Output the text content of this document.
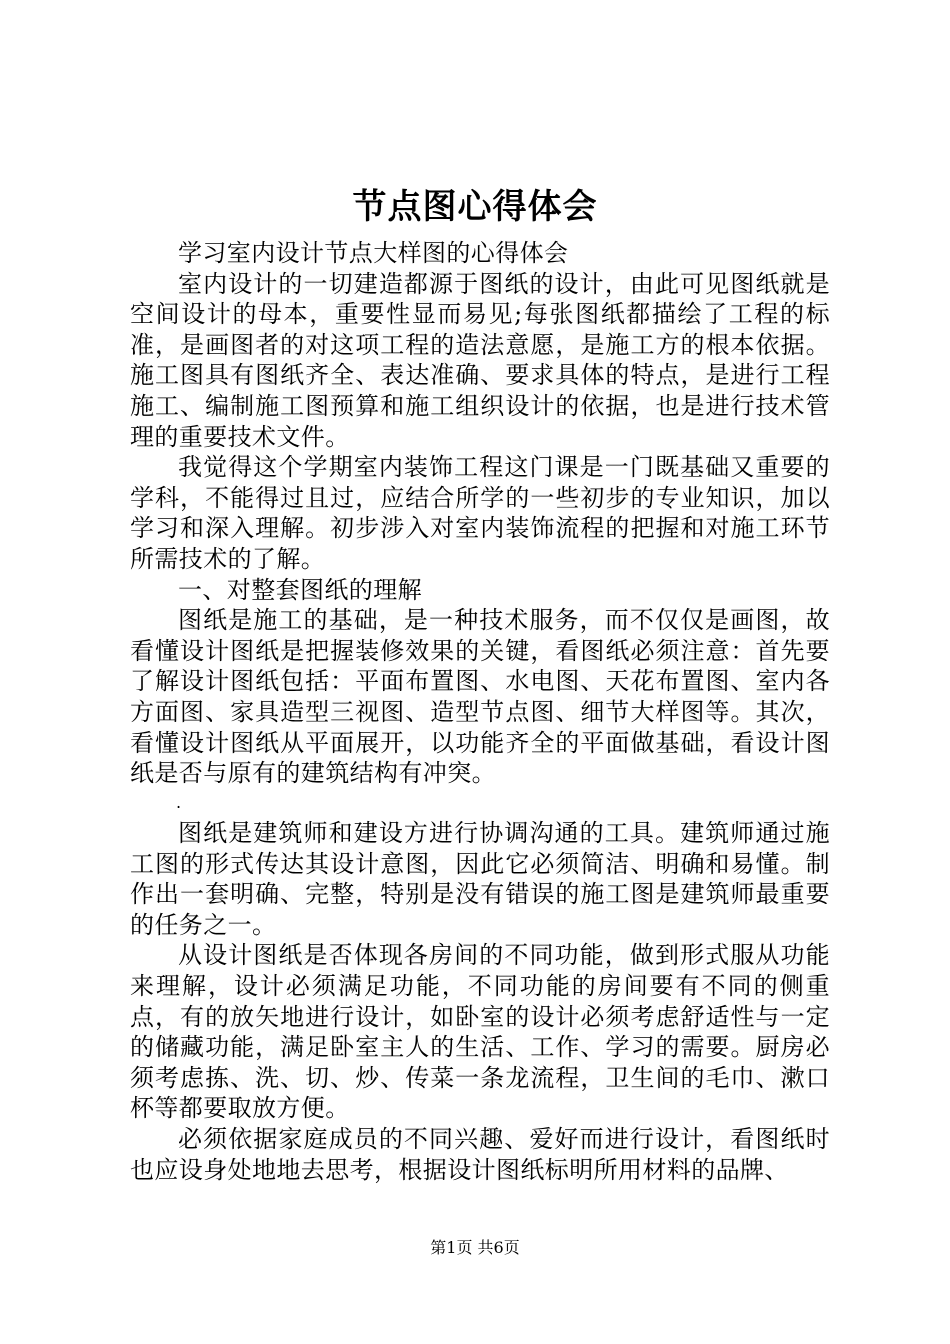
节点图心得体会

学习室内设计节点大样图的心得体会

室内设计的一切建造都源于图纸的设计，由此可见图纸就是空间设计的母本，重要性显而易见;每张图纸都描绘了工程的标准，是画图者的对这项工程的造法意愿，是施工方的根本依据。施工图具有图纸齐全、表达准确、要求具体的特点，是进行工程施工、编制施工图预算和施工组织设计的依据，也是进行技术管理的重要技术文件。

我觉得这个学期室内装饰工程这门课是一门既基础又重要的学科，不能得过且过，应结合所学的一些初步的专业知识，加以学习和深入理解。初步涉入对室内装饰流程的把握和对施工环节所需技术的了解。

一、对整套图纸的理解

图纸是施工的基础，是一种技术服务，而不仅仅是画图，故看懂设计图纸是把握装修效果的关键，看图纸必须注意：首先要了解设计图纸包括：平面布置图、水电图、天花布置图、室内各方面图、家具造型三视图、造型节点图、细节大样图等。其次，看懂设计图纸从平面展开，以功能齐全的平面做基础，看设计图纸是否与原有的建筑结构有冲突。

.

图纸是建筑师和建设方进行协调沟通的工具。建筑师通过施工图的形式传达其设计意图，因此它必须简洁、明确和易懂。制作出一套明确、完整，特别是没有错误的施工图是建筑师最重要的任务之一。

从设计图纸是否体现各房间的不同功能，做到形式服从功能来理解，设计必须满足功能，不同功能的房间要有不同的侧重点，有的放矢地进行设计，如卧室的设计必须考虑舒适性与一定的储藏功能，满足卧室主人的生活、工作、学习的需要。厨房必须考虑拣、洗、切、炒、传菜一条龙流程，卫生间的毛巾、漱口杯等都要取放方便。

必须依据家庭成员的不同兴趣、爱好而进行设计，看图纸时也应设身处地地去思考，根据设计图纸标明所用材料的品牌、

第1页 共6页
